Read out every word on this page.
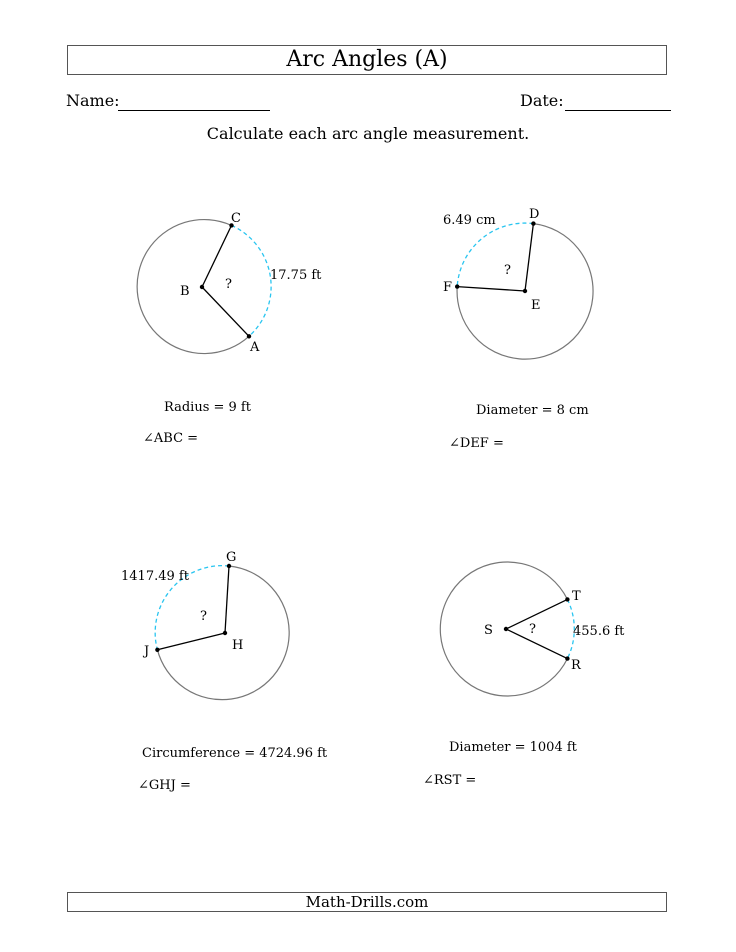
Arc Angles (A)
Name:	Date:
Calculate each arc angle measurement.
B
C
A
?
17.75 ft
E
D
F
?
6.49 cm
H
G
J
?
1417.49 ft
S
T
R
?	455.6 ft
Radius = 9 ft
∠ABC =
Diameter = 8 cm
∠DEF =
Circumference = 4724.96 ft
∠GHJ =
Diameter = 1004 ft
∠RST =
Math-Drills.com
